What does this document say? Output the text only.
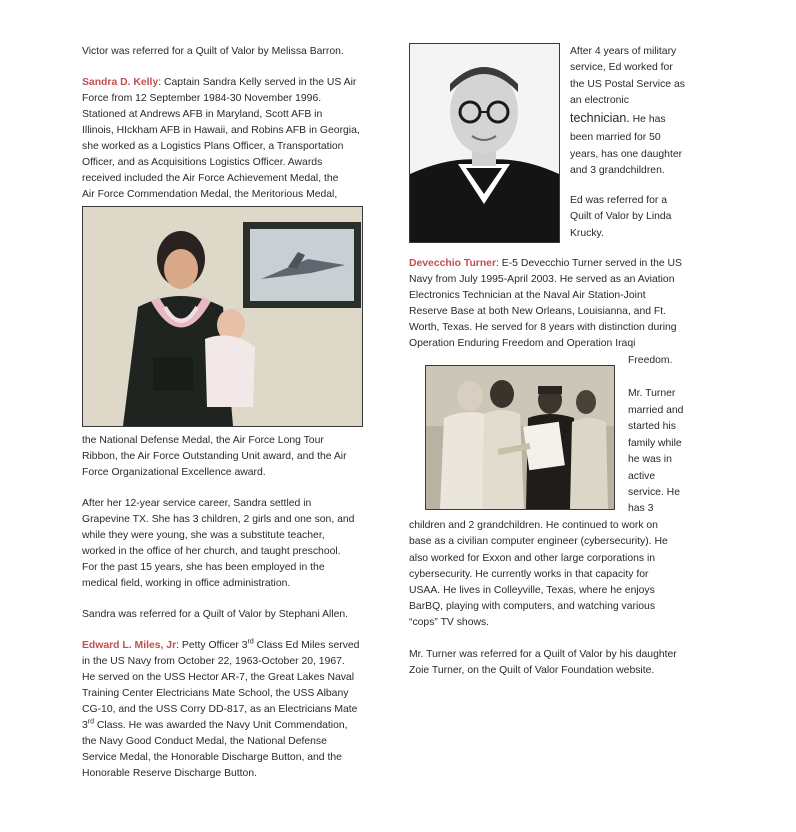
Victor was referred for a Quilt of Valor by Melissa Barron.

Sandra D. Kelly: Captain Sandra Kelly served in the US Air

Force from 12 September 1984-30 November 1996.

Stationed at Andrews AFB in Maryland, Scott AFB in

Illinois, HIckham AFB in Hawaii, and Robins AFB in Georgia,

she worked as a Logistics Plans Officer, a Transportation

Officer, and as Acquisitions Logistics Officer. Awards

received included the Air Force Achievement Medal, the

Air Force Commendation Medal, the Meritorious Medal,

the National Defense Medal, the Air Force Long Tour

Ribbon, the Air Force Outstanding Unit award, and the Air

Force Organizational Excellence award.

After her 12-year service career, Sandra settled in

Grapevine TX. She has 3 children, 2 girls and one son, and

while they were young, she was a substitute teacher,

worked in the office of her church, and taught preschool.

For the past 15 years, she has been employed in the

medical field, working in office administration.

Sandra was referred for a Quilt of Valor by Stephani Allen.

Edward L. Miles, Jr: Petty Officer 3rd Class Ed Miles served

in the US Navy from October 22, 1963-October 20, 1967.

He served on the USS Hector AR-7, the Great Lakes Naval

Training Center Electricians Mate School, the USS Albany

CG-10, and the USS Corry DD-817, as an Electricians Mate

3rd Class. He was awarded the Navy Unit Commendation,

the Navy Good Conduct Medal, the National Defense

Service Medal, the Honorable Discharge Button, and the

Honorable Reserve Discharge Button.

After 4 years of military

service, Ed worked for

the US Postal Service as

an electronic

technician. He has

been married for 50

years, has one daughter

and 3 grandchildren.

Ed was referred for a

Quilt of Valor by Linda

Krucky.

Devecchio Turner: E-5 Devecchio Turner served in the US

Navy from July 1995-April 2003. He served as an Aviation

Electronics Technician at the Naval Air Station-Joint

Reserve Base at both New Orleans, Louisianna, and Ft.

Worth, Texas. He served for 8 years with distinction during

Operation Enduring Freedom and Operation Iraqi

Freedom.

Mr. Turner

married and

started his

family while

he was in

active

service. He

has 3

children and 2 grandchildren. He continued to work on

base as a civilian computer engineer (cybersecurity). He

also worked for Exxon and other large corporations in

cybersecurity. He currently works in that capacity for

USAA. He lives in Colleyville, Texas, where he enjoys

BarBQ, playing with computers, and watching various

“cops” TV shows.

Mr. Turner was referred for a Quilt of Valor by his daughter

Zoie Turner, on the Quilt of Valor Foundation website.
